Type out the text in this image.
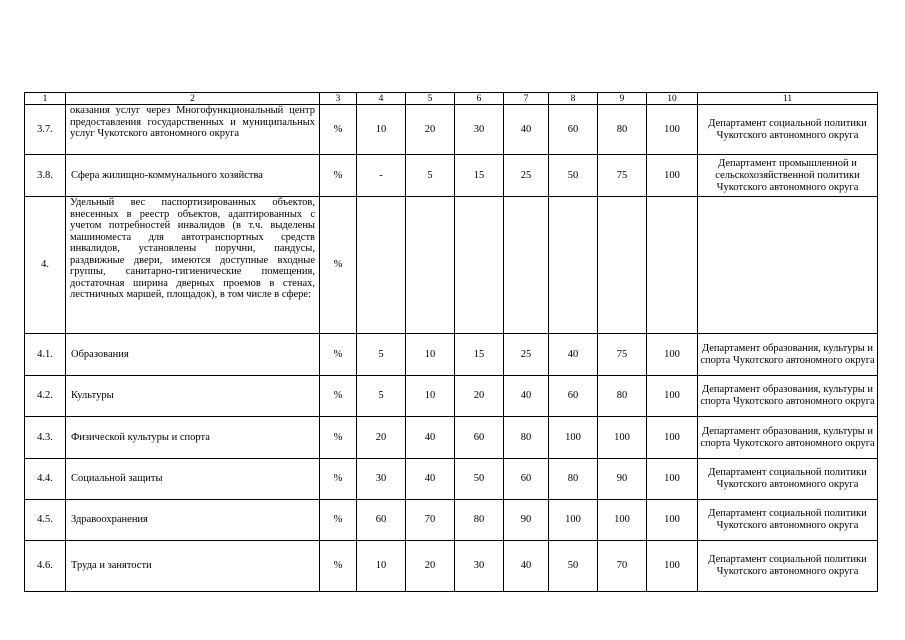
1	2	3	4	5	6	7	8	9	10	11
3.7.	оказания услуг через Многофункциональный центр предоставления государственных и муниципальных услуг Чукотского автономного округа	%	10	20	30	40	60	80	100	Департамент социальной политики Чукотского автономного округа
3.8.	Сфера жилищно-коммунального хозяйства	%	-	5	15	25	50	75	100	Департамент промышленной и сельскохозяйственной политики Чукотского автономного округа
4.	Удельный вес паспортизированных объектов, внесенных в реестр объектов, адаптированных с учетом потребностей инвалидов (в т.ч. выделены машиноместа для автотранспортных средств инвалидов, установлены поручни, пандусы, раздвижные двери, имеются доступные входные группы, санитарно-гигиенические помещения, достаточная ширина дверных проемов в стенах, лестничных маршей, площадок), в том числе в сфере:	%								
4.1.	Образования	%	5	10	15	25	40	75	100	Департамент образования, культуры и спорта Чукотского автономного округа
4.2.	Культуры	%	5	10	20	40	60	80	100	Департамент образования, культуры и спорта Чукотского автономного округа
4.3.	Физической культуры и спорта	%	20	40	60	80	100	100	100	Департамент образования, культуры и спорта Чукотского автономного округа
4.4.	Социальной защиты	%	30	40	50	60	80	90	100	Департамент социальной политики Чукотского автономного округа
4.5.	Здравоохранения	%	60	70	80	90	100	100	100	Департамент социальной политики Чукотского автономного округа
4.6.	Труда и занятости	%	10	20	30	40	50	70	100	Департамент социальной политики Чукотского автономного округа
